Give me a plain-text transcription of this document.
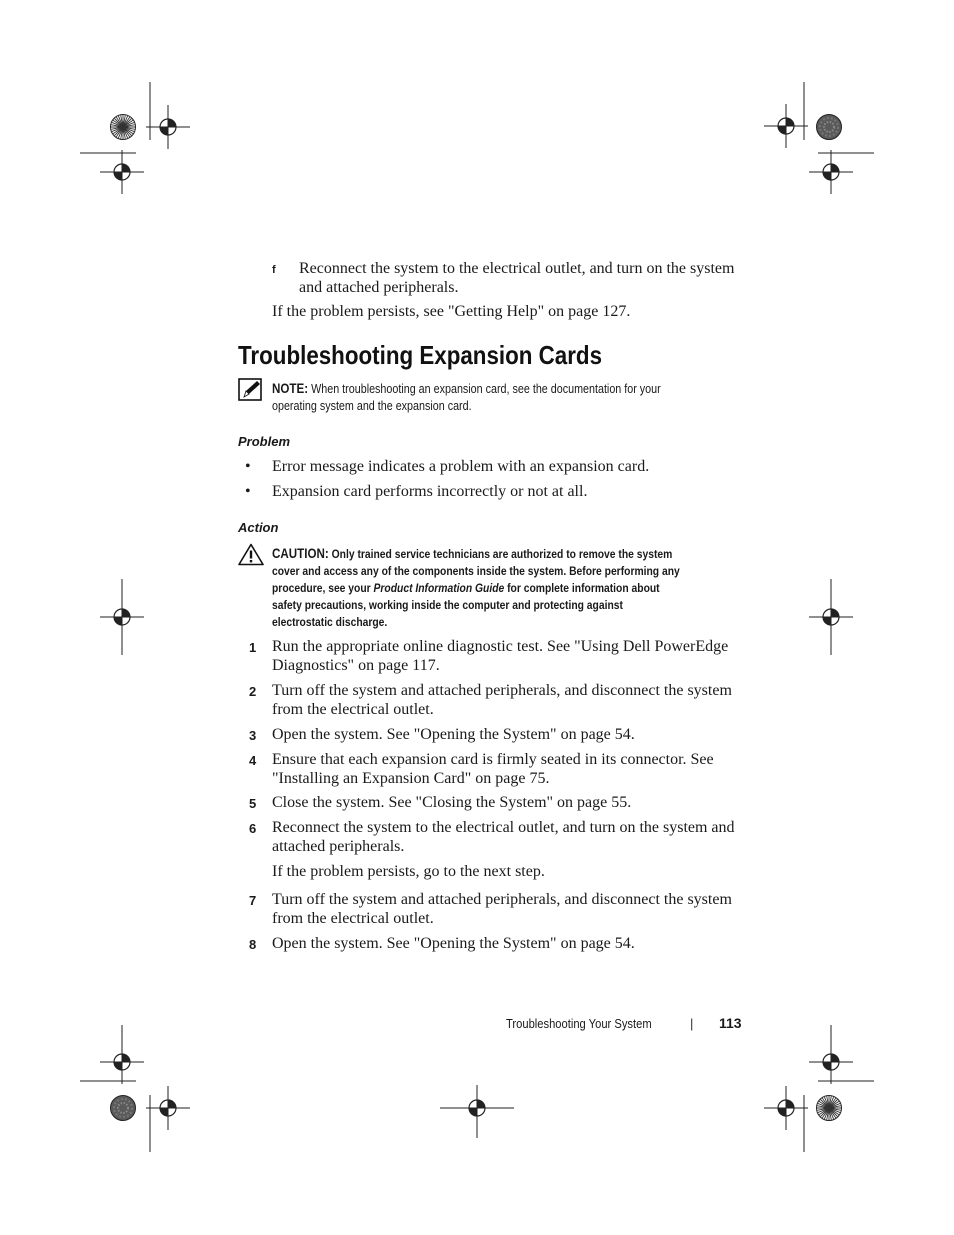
f Reconnect the system to the electrical outlet, and turn on the system
and attached peripherals.
If the problem persists, see "Getting Help" on page 127.
Troubleshooting Expansion Cards
NOTE: When troubleshooting an expansion card, see the documentation for your
operating system and the expansion card.
Problem
• Error message indicates a problem with an expansion card.
• Expansion card performs incorrectly or not at all.
Action
CAUTION: Only trained service technicians are authorized to remove the system
cover and access any of the components inside the system. Before performing any
procedure, see your Product Information Guide for complete information about
safety precautions, working inside the computer and protecting against
electrostatic discharge.
1 Run the appropriate online diagnostic test. See "Using Dell PowerEdge
Diagnostics" on page 117.
2 Turn off the system and attached peripherals, and disconnect the system
from the electrical outlet.
3 Open the system. See "Opening the System" on page 54.
4 Ensure that each expansion card is firmly seated in its connector. See
"Installing an Expansion Card" on page 75.
5 Close the system. See "Closing the System" on page 55.
6 Reconnect the system to the electrical outlet, and turn on the system and
attached peripherals.
If the problem persists, go to the next step.
7 Turn off the system and attached peripherals, and disconnect the system
from the electrical outlet.
8 Open the system. See "Opening the System" on page 54.
Troubleshooting Your System	| 113
